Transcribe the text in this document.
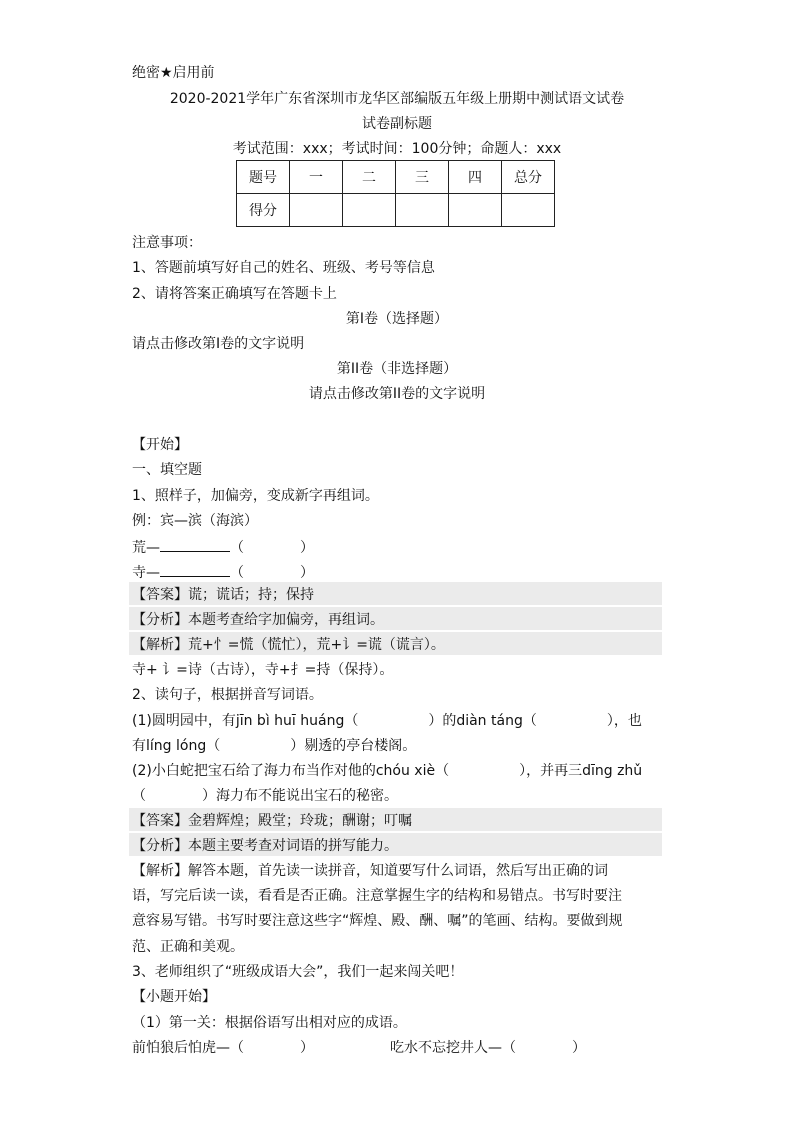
绝密★启用前
2020-2021学年广东省深圳市龙华区部编版五年级上册期中测试语文试卷
试卷副标题
考试范围：xxx；考试时间：100分钟；命题人：xxx
题号	一	二	三	四	总分
得分					
注意事项：
1、答题前填写好自己的姓名、班级、考号等信息
2、请将答案正确填写在答题卡上
第I卷（选择题）
请点击修改第I卷的文字说明
第II卷（非选择题）
请点击修改第II卷的文字说明
【开始】
一、填空题
1、照样子，加偏旁，变成新字再组词。
例：宾—滨（海滨）
荒—	（　　　　）
寺—	（　　　　）
【答案】谎；谎话；持；保持
【分析】本题考查给字加偏旁，再组词。
【解析】荒+忄=慌（慌忙），荒+讠=谎（谎言）。
寺+ 讠=诗（古诗），寺+扌=持（保持）。
2、读句子，根据拼音写词语。
(1)圆明园中，有jīn bì huī huáng（　　　　　）的diàn táng（　　　　　），也
有líng lóng（　　　　　）剔透的亭台楼阁。
(2)小白蛇把宝石给了海力布当作对他的chóu xiè（　　　　　），并再三dīng zhǔ
（　　　　）海力布不能说出宝石的秘密。
【答案】金碧辉煌；殿堂；玲珑；酬谢；叮嘱
【分析】本题主要考查对词语的拼写能力。
【解析】解答本题，首先读一读拼音，知道要写什么词语，然后写出正确的词
语，写完后读一读，看看是否正确。注意掌握生字的结构和易错点。书写时要注
意容易写错。书写时要注意这些字“辉煌、殿、酬、嘱”的笔画、结构。要做到规
范、正确和美观。
3、老师组织了“班级成语大会”，我们一起来闯关吧！
【小题开始】
（1）第一关：根据俗语写出相对应的成语。
前怕狼后怕虎—（　　　　）	吃水不忘挖井人—（　　　　）
